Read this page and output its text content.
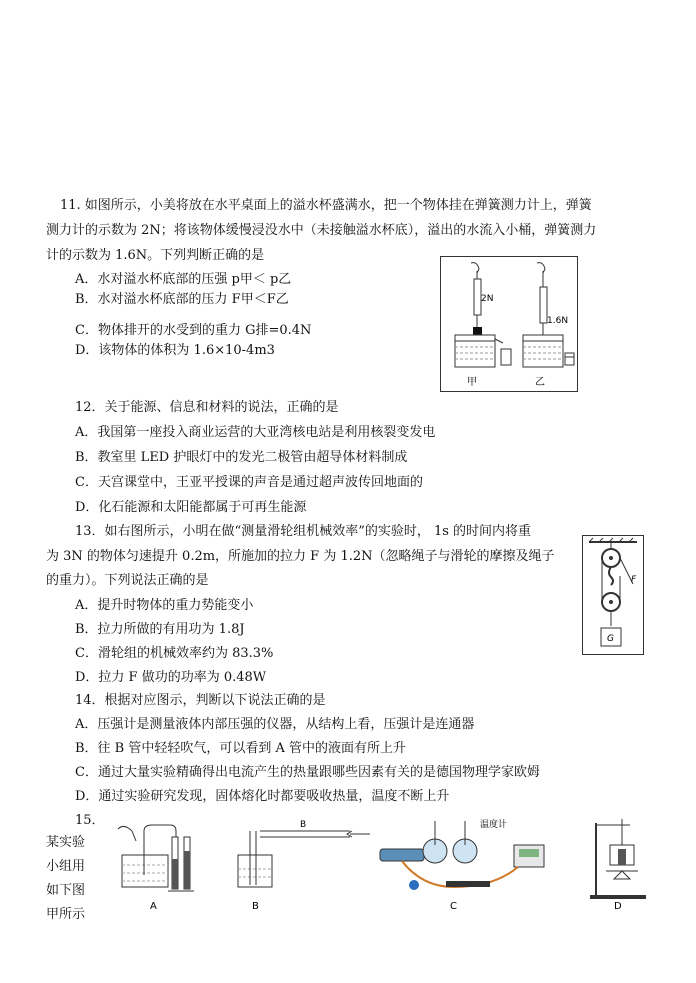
11. 如图所示，小美将放在水平桌面上的溢水杯盛满水，把一个物体挂在弹簧测力计上，弹簧
测力计的示数为 2N；将该物体缓慢浸没水中（未接触溢水杯底），溢出的水流入小桶，弹簧测力
计的示数为 1.6N。下列判断正确的是
A．水对溢水杯底部的压强 p甲＜ p乙
B．水对溢水杯底部的压力 F甲＜F乙
C．物体排开的水受到的重力 G排=0.4N
D．该物体的体积为 1.6×10-4m3
2N
甲
1.6N
乙
12．关于能源、信息和材料的说法，正确的是
A．我国第一座投入商业运营的大亚湾核电站是利用核裂变发电
B．教室里 LED 护眼灯中的发光二极管由超导体材料制成
C．天宫课堂中，王亚平授课的声音是通过超声波传回地面的
D．化石能源和太阳能都属于可再生能源
13．如右图所示，小明在做“测量滑轮组机械效率”的实验时， 1s 的时间内将重
为 3N 的物体匀速提升 0.2m，所施加的拉力 F 为 1.2N（忽略绳子与滑轮的摩擦及绳子
的重力）。下列说法正确的是
A．提升时物体的重力势能变小
B．拉力所做的有用功为 1.8J
C．滑轮组的机械效率约为 83.3%
D．拉力 F 做功的功率为 0.48W
F
G
14．根据对应图示，判断以下说法正确的是
A．压强计是测量液体内部压强的仪器，从结构上看，压强计是连通器
B．往 B 管中轻轻吹气，可以看到 A 管中的液面有所上升
C．通过大量实验精确得出电流产生的热量跟哪些因素有关的是德国物理学家欧姆
D．通过实验研究发现，固体熔化时都要吸收热量，温度不断上升
15．
某实验
小组用
如下图
甲所示
A
B
B
温度计
C	D
